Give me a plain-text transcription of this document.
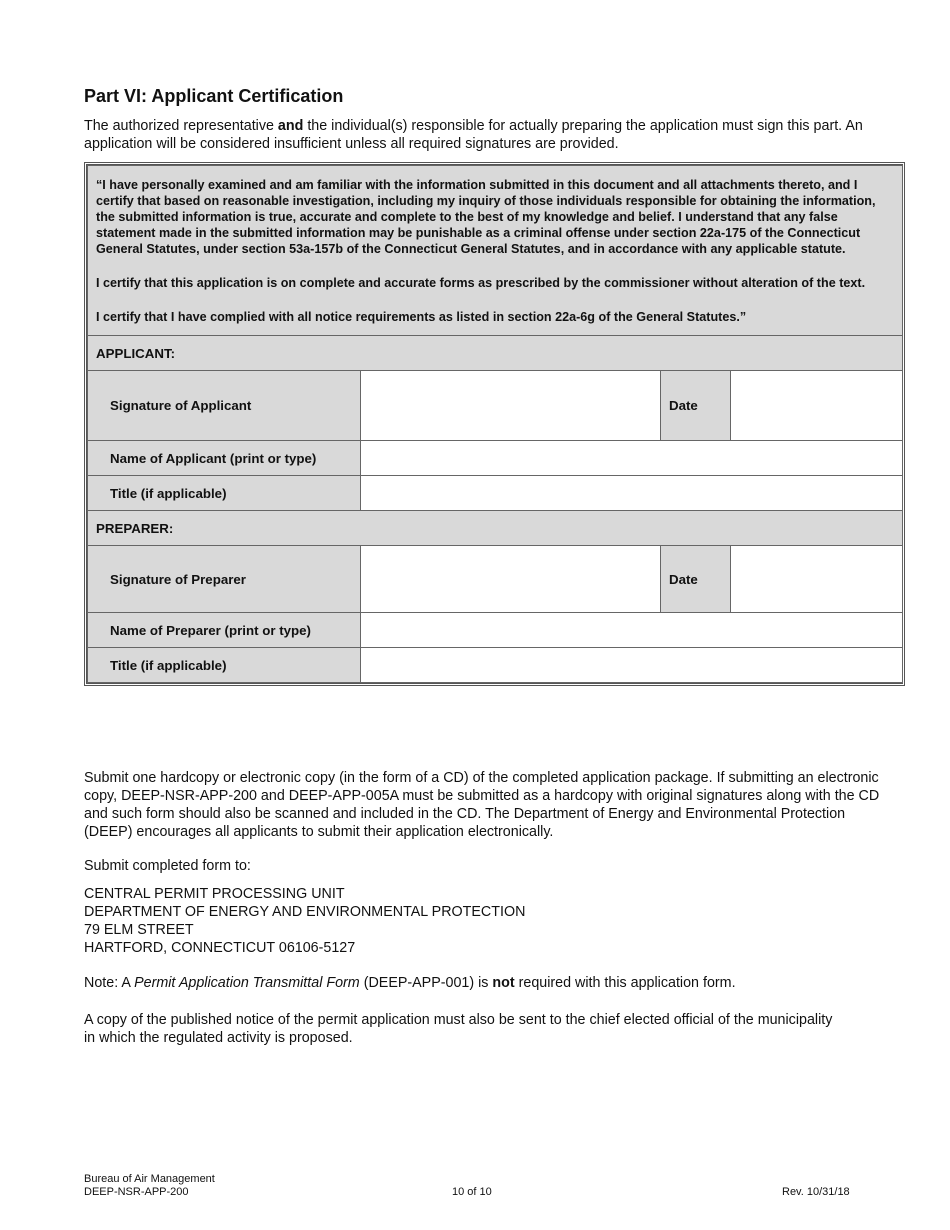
Part VI: Applicant Certification

The authorized representative and the individual(s) responsible for actually preparing the application must sign this part. An application will be considered insufficient unless all required signatures are provided.

“I have personally examined and am familiar with the information submitted in this document and all attachments thereto, and I certify that based on reasonable investigation, including my inquiry of those individuals responsible for obtaining the information, the submitted information is true, accurate and complete to the best of my knowledge and belief. I understand that any false statement made in the submitted information may be punishable as a criminal offense under section 22a-175 of the Connecticut General Statutes, under section 53a-157b of the Connecticut General Statutes, and in accordance with any applicable statute.

I certify that this application is on complete and accurate forms as prescribed by the commissioner without alteration of the text.

I certify that I have complied with all notice requirements as listed in section 22a-6g of the General Statutes.”			

APPLICANT:			
Signature of Applicant		Date	
Name of Applicant (print or type)			
Title (if applicable)			
PREPARER:			
Signature of Preparer		Date	
Name of Preparer (print or type)			
Title (if applicable)			

Submit one hardcopy or electronic copy (in the form of a CD) of the completed application package. If submitting an electronic copy, DEEP-NSR-APP-200 and DEEP-APP-005A must be submitted as a hardcopy with original signatures along with the CD and such form should also be scanned and included in the CD. The Department of Energy and Environmental Protection (DEEP) encourages all applicants to submit their application electronically.

Submit completed form to:

CENTRAL PERMIT PROCESSING UNIT
DEPARTMENT OF ENERGY AND ENVIRONMENTAL PROTECTION
79 ELM STREET
HARTFORD, CONNECTICUT 06106-5127

Note: A Permit Application Transmittal Form (DEEP-APP-001) is not required with this application form.

A copy of the published notice of the permit application must also be sent to the chief elected official of the municipality in which the regulated activity is proposed.

Bureau of Air Management
DEEP-NSR-APP-200	10 of 10	Rev. 10/31/18
